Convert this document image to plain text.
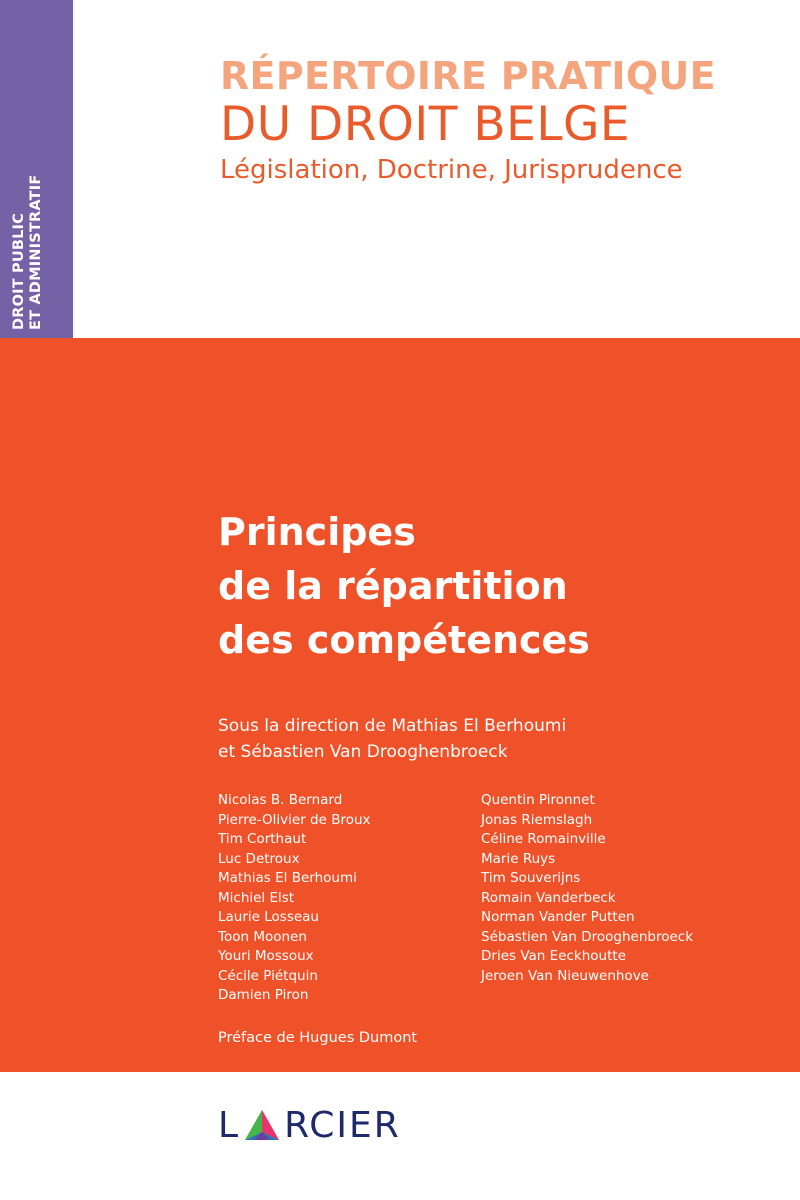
DROIT PUBLIC ET ADMINISTRATIF
RÉPERTOIRE PRATIQUE
DU DROIT BELGE
Législation, Doctrine, Jurisprudence
Principes
de la répartition
des compétences
Sous la direction de Mathias El Berhoumi
et Sébastien Van Drooghenbroeck
Nicolas B. Bernard
Pierre-Olivier de Broux
Tim Corthaut
Luc Detroux
Mathias El Berhoumi
Michiel Elst
Laurie Losseau
Toon Moonen
Youri Mossoux
Cécile Piétquin
Damien Piron
Quentin Pironnet
Jonas Riemslagh
Céline Romainville
Marie Ruys
Tim Souverijns
Romain Vanderbeck
Norman Vander Putten
Sébastien Van Drooghenbroeck
Dries Van Eeckhoutte
Jeroen Van Nieuwenhove
Préface de Hugues Dumont
L RCIER
